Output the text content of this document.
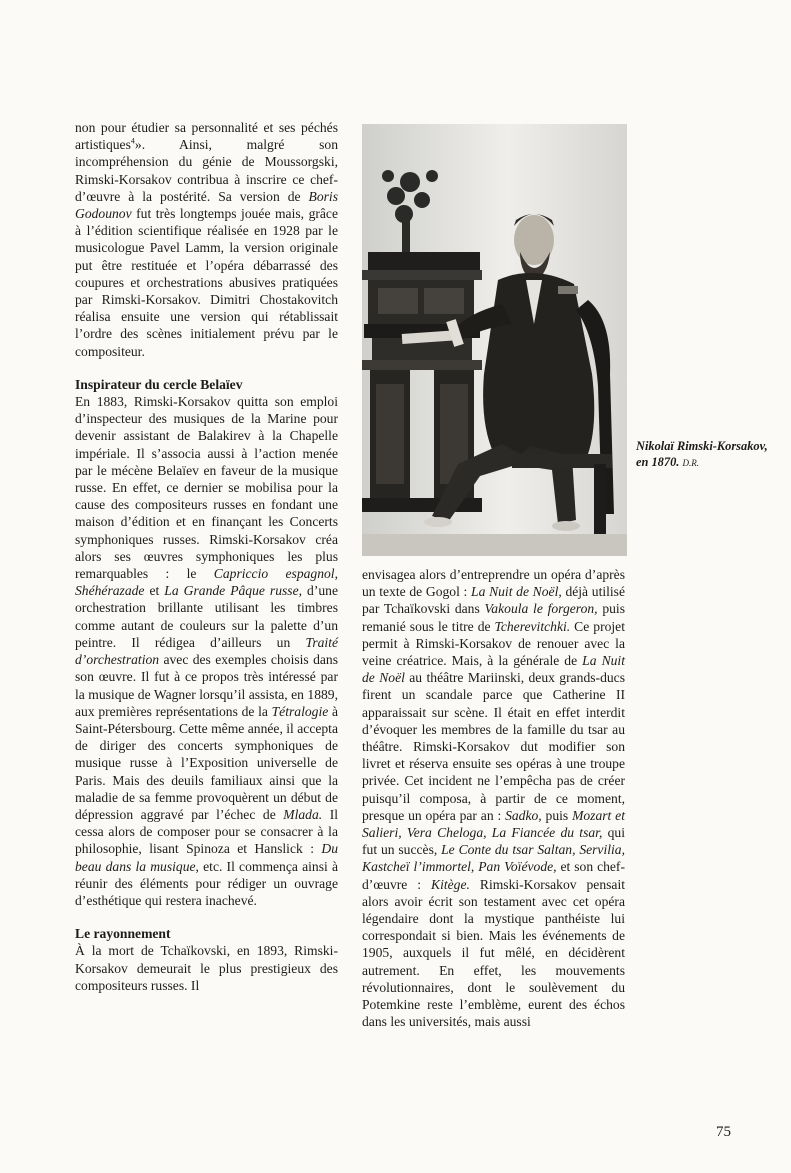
non pour étudier sa personnalité et ses péchés artistiques$^4$». Ainsi, malgré son incompréhension du génie de Moussorgski, Rimski-Korsakov contribua à inscrire ce chef-d’œuvre à la postérité. Sa version de Boris Godounov fut très longtemps jouée mais, grâce à l’édition scientifique réalisée en 1928 par le musicologue Pavel Lamm, la version originale put être restituée et l’opéra débarrassé des coupures et orchestrations abusives pratiquées par Rimski-Korsakov. Dimitri Chostakovitch réalisa ensuite une version qui rétablissait l’ordre des scènes initialement prévu par le compositeur.

Inspirateur du cercle Belaïev

En 1883, Rimski-Korsakov quitta son emploi d’inspecteur des musiques de la Marine pour devenir assistant de Balakirev à la Chapelle impériale. Il s’associa aussi à l’action menée par le mécène Belaïev en faveur de la musique russe. En effet, ce dernier se mobilisa pour la cause des compositeurs russes en fondant une maison d’édition et en finançant les Concerts symphoniques russes. Rimski-Korsakov créa alors ses œuvres symphoniques les plus remarquables : le Capriccio espagnol, Shéhérazade et La Grande Pâque russe, d’une orchestration brillante utilisant les timbres comme autant de couleurs sur la palette d’un peintre. Il rédigea d’ailleurs un Traité d’orchestration avec des exemples choisis dans son œuvre. Il fut à ce propos très intéressé par la musique de Wagner lorsqu’il assista, en 1889, aux premières représentations de la Tétralogie à Saint-Pétersbourg. Cette même année, il accepta de diriger des concerts symphoniques de musique russe à l’Exposition universelle de Paris. Mais des deuils familiaux ainsi que la maladie de sa femme provoquèrent un début de dépression aggravé par l’échec de Mlada. Il cessa alors de composer pour se consacrer à la philosophie, lisant Spinoza et Hanslick : Du beau dans la musique, etc. Il commença ainsi à réunir des éléments pour rédiger un ouvrage d’esthétique qui restera inachevé.

Le rayonnement

À la mort de Tchaïkovski, en 1893, Rimski-Korsakov demeurait le plus prestigieux des compositeurs russes. Il

Nikolaï Rimski-Korsakov,
en 1870. D.R.

envisagea alors d’entreprendre un opéra d’après un texte de Gogol : La Nuit de Noël, déjà utilisé par Tchaïkovski dans Vakoula le forgeron, puis remanié sous le titre de Tcherevitchki. Ce projet permit à Rimski-Korsakov de renouer avec la veine créatrice. Mais, à la générale de La Nuit de Noël au théâtre Mariinski, deux grands-ducs firent un scandale parce que Catherine II apparaissait sur scène. Il était en effet interdit d’évoquer les membres de la famille du tsar au théâtre. Rimski-Korsakov dut modifier son livret et réserva ensuite ses opéras à une troupe privée. Cet incident ne l’empêcha pas de créer puisqu’il composa, à partir de ce moment, presque un opéra par an : Sadko, puis Mozart et Salieri, Vera Cheloga, La Fiancée du tsar, qui fut un succès, Le Conte du tsar Saltan, Servilia, Kastcheï l’immortel, Pan Voïévode, et son chef-d’œuvre : Kitège. Rimski-Korsakov pensait alors avoir écrit son testament avec cet opéra légendaire dont la mystique panthéiste lui correspondait si bien. Mais les événements de 1905, auxquels il fut mêlé, en décidèrent autrement. En effet, les mouvements révolutionnaires, dont le soulèvement du Potemkine reste l’emblème, eurent des échos dans les universités, mais aussi

75
